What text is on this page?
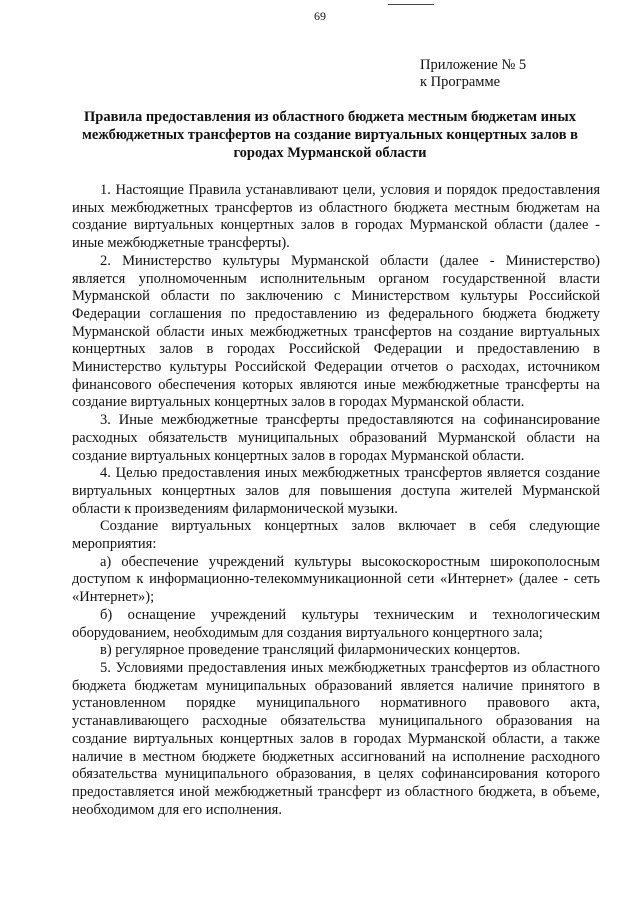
69
Приложение № 5
к Программе
Правила предоставления из областного бюджета местным бюджетам иных межбюджетных трансфертов на создание виртуальных концертных залов в городах Мурманской области

1. Настоящие Правила устанавливают цели, условия и порядок предоставления иных межбюджетных трансфертов из областного бюджета местным бюджетам на создание виртуальных концертных залов в городах Мурманской области (далее - иные межбюджетные трансферты).

2. Министерство культуры Мурманской области (далее - Министерство) является уполномоченным исполнительным органом государственной власти Мурманской области по заключению с Министерством культуры Российской Федерации соглашения по предоставлению из федерального бюджета бюджету Мурманской области иных межбюджетных трансфертов на создание виртуальных концертных залов в городах Российской Федерации и предоставлению в Министерство культуры Российской Федерации отчетов о расходах, источником финансового обеспечения которых являются иные межбюджетные трансферты на создание виртуальных концертных залов в городах Мурманской области.

3. Иные межбюджетные трансферты предоставляются на софинансирование расходных обязательств муниципальных образований Мурманской области на создание виртуальных концертных залов в городах Мурманской области.

4. Целью предоставления иных межбюджетных трансфертов является создание виртуальных концертных залов для повышения доступа жителей Мурманской области к произведениям филармонической музыки.

Создание виртуальных концертных залов включает в себя следующие мероприятия:

а) обеспечение учреждений культуры высокоскоростным широкополосным доступом к информационно-телекоммуникационной сети «Интернет» (далее - сеть «Интернет»);

б) оснащение учреждений культуры техническим и технологическим оборудованием, необходимым для создания виртуального концертного зала;

в) регулярное проведение трансляций филармонических концертов.

5. Условиями предоставления иных межбюджетных трансфертов из областного бюджета бюджетам муниципальных образований является наличие принятого в установленном порядке муниципального нормативного правового акта, устанавливающего расходные обязательства муниципального образования на создание виртуальных концертных залов в городах Мурманской области, а также наличие в местном бюджете бюджетных ассигнований на исполнение расходного обязательства муниципального образования, в целях софинансирования которого предоставляется иной межбюджетный трансферт из областного бюджета, в объеме, необходимом для его исполнения.
